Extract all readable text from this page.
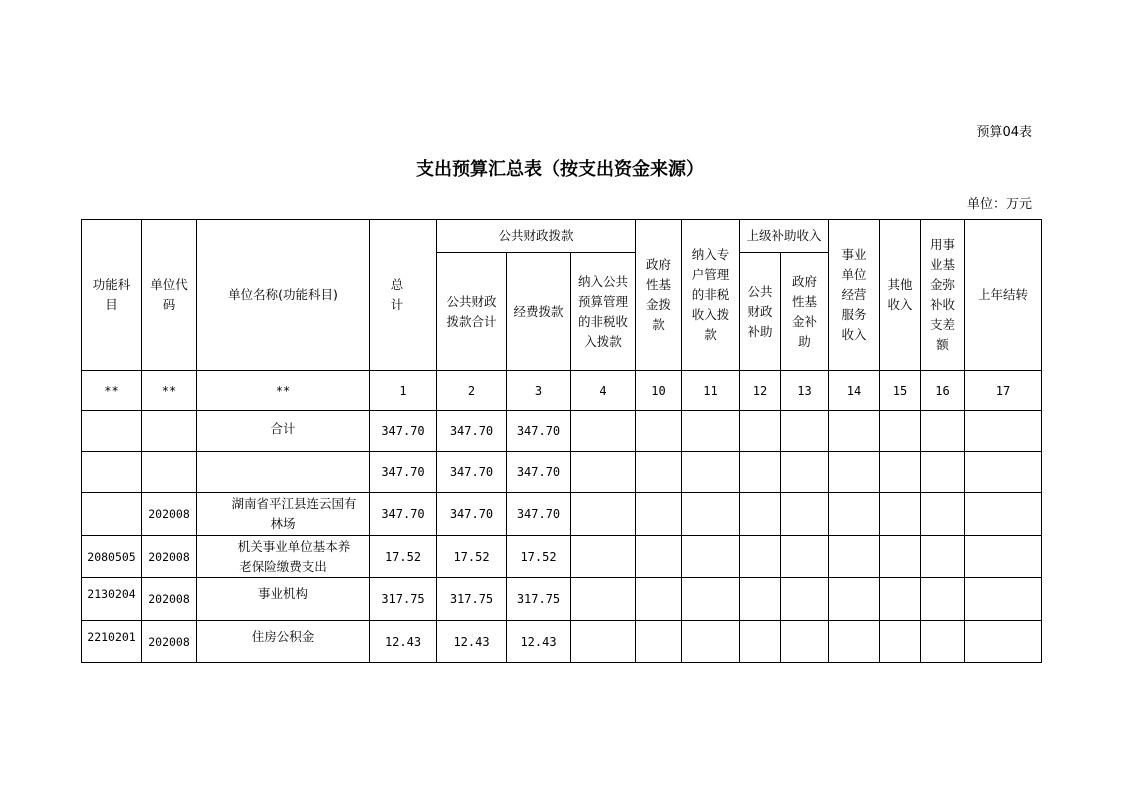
预算04表
支出预算汇总表（按支出资金来源）
单位：万元
功能科目	单位代码	单位名称(功能科目)	总 计	公共财政拨款			政府性基金拨款	纳入专户管理的非税收入拨款	上级补助收入		事业单位经营服务收入	其他收入	用事业基金弥补收支差额	上年结转

				公共财政拨款合计	经费拨款	纳入公共预算管理的非税收入拨款			公共财政补助	政府性基金补助				

**	**	**	1	2	3	4	10	11	12	13	14	15	16	17
		合计	347.70	347.70	347.70									
			347.70	347.70	347.70									
	202008	湖南省平江县连云国有
林场	347.70	347.70	347.70									
2080505	202008	机关事业单位基本养
老保险缴费支出	17.52	17.52	17.52									
2130204	202008	事业机构	317.75	317.75	317.75									
2210201	202008	住房公积金	12.43	12.43	12.43									
